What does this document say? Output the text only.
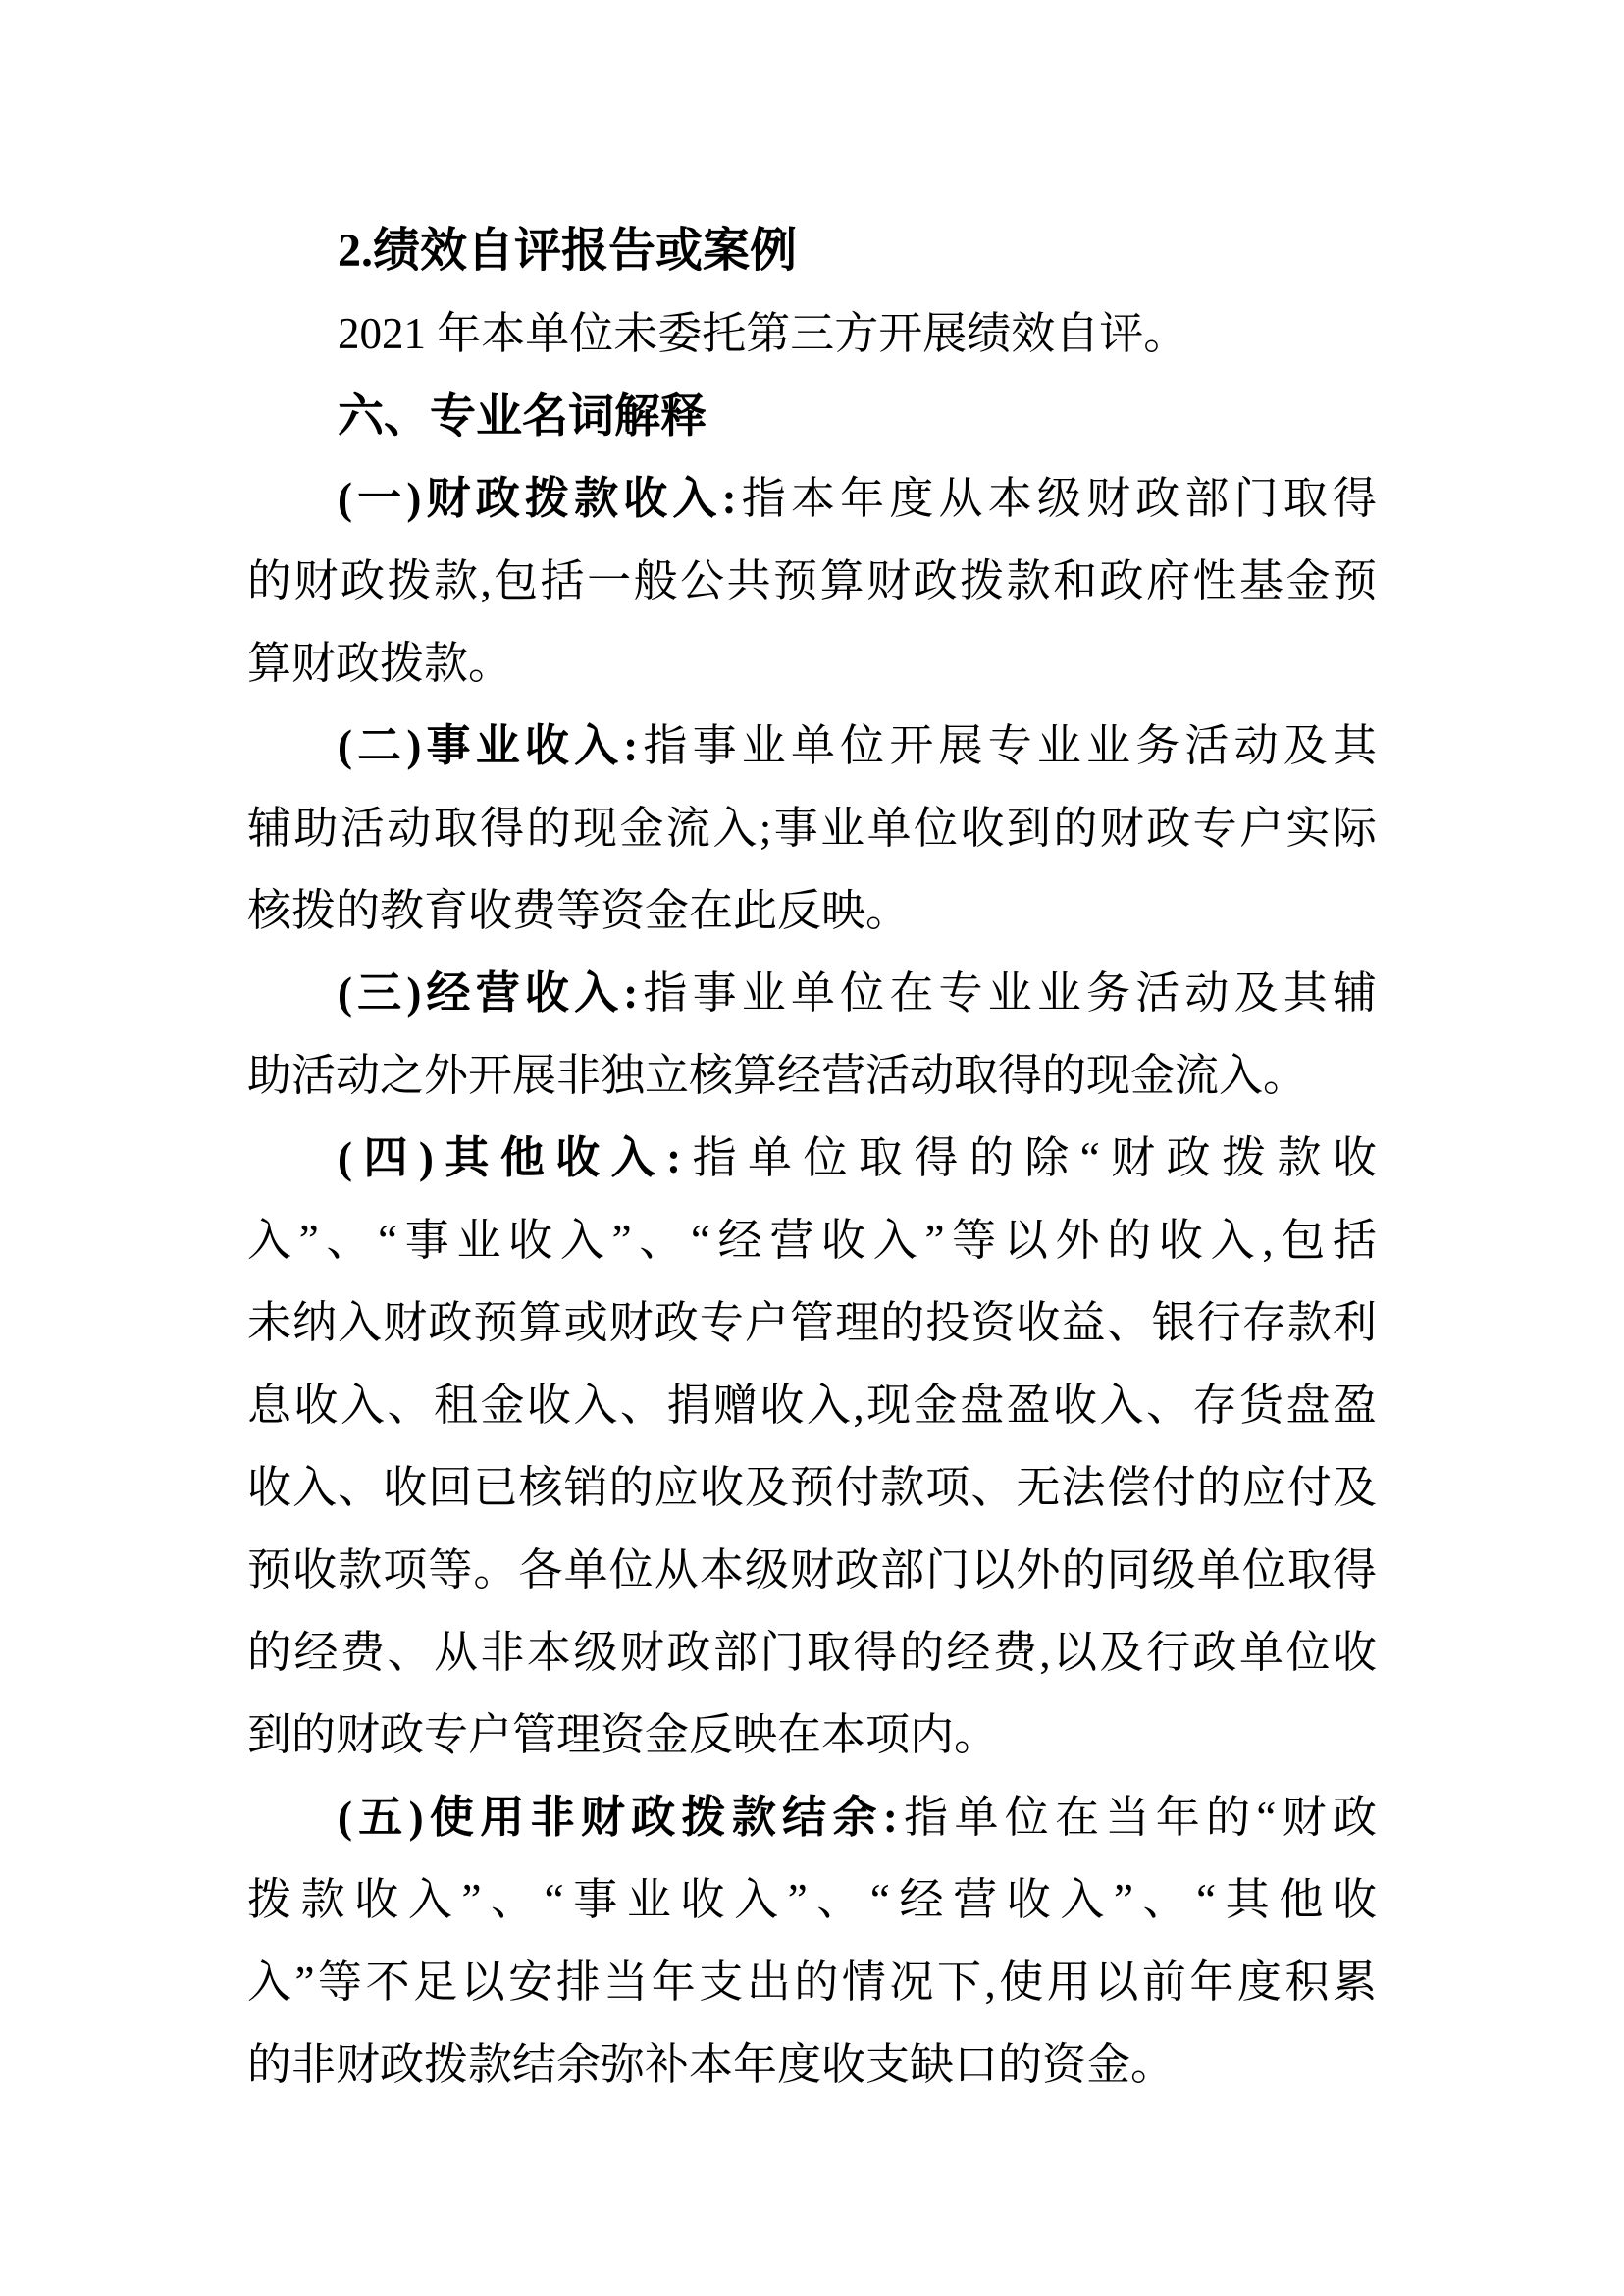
2.绩效自评报告或案例
2021 年本单位未委托第三方开展绩效自评。
六、专业名词解释
(一)财政拨款收入:指本年度从本级财政部门取得
的财政拨款,包括一般公共预算财政拨款和政府性基金预
算财政拨款。
(二)事业收入:指事业单位开展专业业务活动及其
辅助活动取得的现金流入;事业单位收到的财政专户实际
核拨的教育收费等资金在此反映。
(三)经营收入:指事业单位在专业业务活动及其辅
助活动之外开展非独立核算经营活动取得的现金流入。
(四)其他收入:指单位取得的除“财政拨款收
入”、“事业收入”、“经营收入”等以外的收入,包括
未纳入财政预算或财政专户管理的投资收益、银行存款利
息收入、租金收入、捐赠收入,现金盘盈收入、存货盘盈
收入、收回已核销的应收及预付款项、无法偿付的应付及
预收款项等。各单位从本级财政部门以外的同级单位取得
的经费、从非本级财政部门取得的经费,以及行政单位收
到的财政专户管理资金反映在本项内。
(五)使用非财政拨款结余:指单位在当年的“财政
拨款收入”、“事业收入”、“经营收入”、“其他收
入”等不足以安排当年支出的情况下,使用以前年度积累
的非财政拨款结余弥补本年度收支缺口的资金。
